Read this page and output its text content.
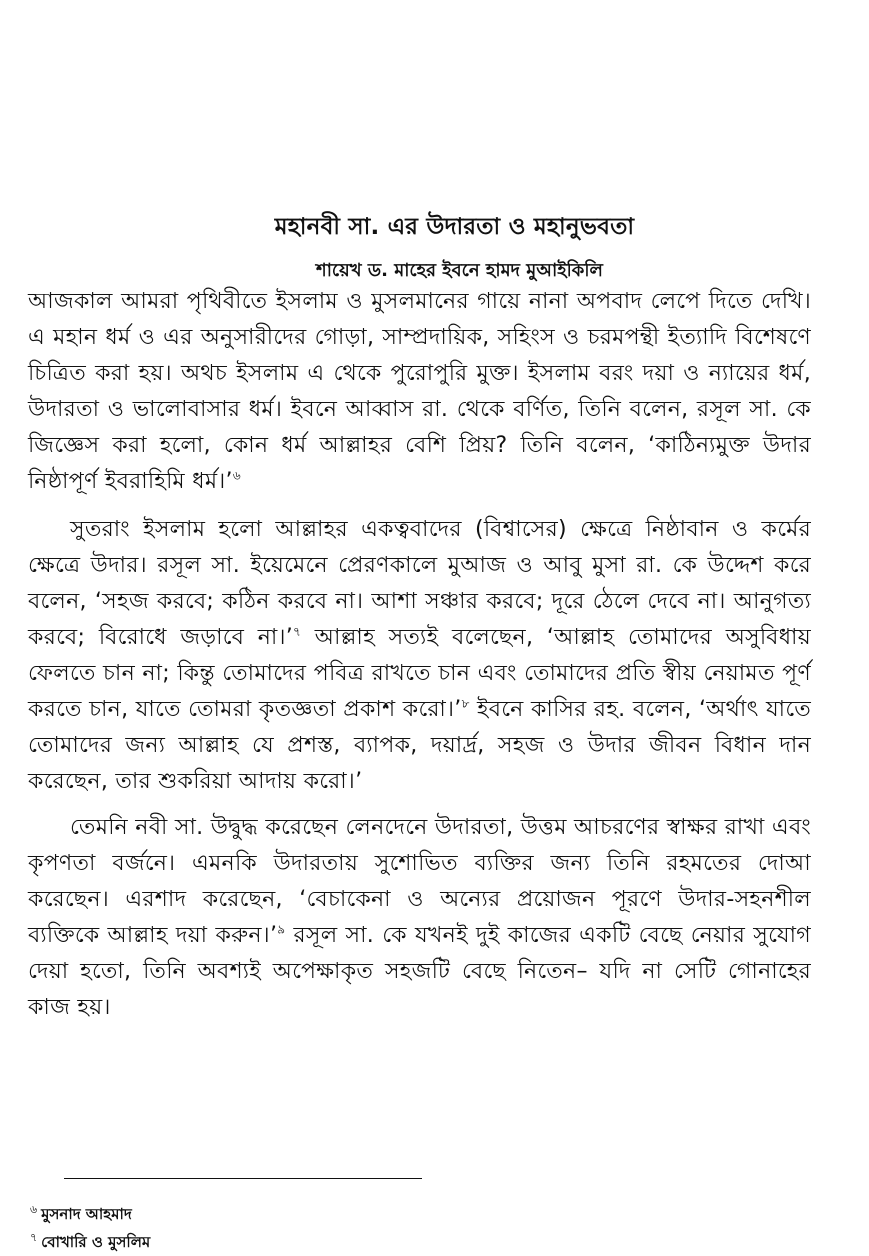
মহানবী সা. এর উদারতা ও মহানুভবতা
শায়েখ ড. মাহের ইবনে হামদ মুআইকিলি

আজকাল আমরা পৃথিবীতে ইসলাম ও মুসলমানের গায়ে নানা অপবাদ লেপে দিতে দেখি। এ মহান ধর্ম ও এর অনুসারীদের গোড়া, সাম্প্রদায়িক, সহিংস ও চরমপন্থী ইত্যাদি বিশেষণে চিত্রিত করা হয়। অথচ ইসলাম এ থেকে পুরোপুরি মুক্ত। ইসলাম বরং দয়া ও ন্যায়ের ধর্ম, উদারতা ও ভালোবাসার ধর্ম। ইবনে আব্বাস রা. থেকে বর্ণিত, তিনি বলেন, রসূল সা. কে জিজ্ঞেস করা হলো, কোন ধর্ম আল্লাহর বেশি প্রিয়? তিনি বলেন, ‘কাঠিন্যমুক্ত উদার নিষ্ঠাপূর্ণ ইবরাহিমি ধর্ম।’$^৬$

সুতরাং ইসলাম হলো আল্লাহর একত্ববাদের (বিশ্বাসের) ক্ষেত্রে নিষ্ঠাবান ও কর্মের ক্ষেত্রে উদার। রসূল সা. ইয়েমেনে প্রেরণকালে মুআজ ও আবু মুসা রা. কে উদ্দেশ করে বলেন, ‘সহজ করবে; কঠিন করবে না। আশা সঞ্চার করবে; দূরে ঠেলে দেবে না। আনুগত্য করবে; বিরোধে জড়াবে না।’$^৭$ আল্লাহ সত্যই বলেছেন, ‘আল্লাহ তোমাদের অসুবিধায় ফেলতে চান না; কিন্তু তোমাদের পবিত্র রাখতে চান এবং তোমাদের প্রতি স্বীয় নেয়ামত পূর্ণ করতে চান, যাতে তোমরা কৃতজ্ঞতা প্রকাশ করো।’$^৮$ ইবনে কাসির রহ. বলেন, ‘অর্থাৎ যাতে তোমাদের জন্য আল্লাহ যে প্রশস্ত, ব্যাপক, দয়ার্দ্র, সহজ ও উদার জীবন বিধান দান করেছেন, তার শুকরিয়া আদায় করো।’

তেমনি নবী সা. উদ্বুদ্ধ করেছেন লেনদেনে উদারতা, উত্তম আচরণের স্বাক্ষর রাখা এবং কৃপণতা বর্জনে। এমনকি উদারতায় সুশোভিত ব্যক্তির জন্য তিনি রহমতের দোআ করেছেন। এরশাদ করেছেন, ‘বেচাকেনা ও অন্যের প্রয়োজন পূরণে উদার-সহনশীল ব্যক্তিকে আল্লাহ দয়া করুন।’$^৯$ রসূল সা. কে যখনই দুই কাজের একটি বেছে নেয়ার সুযোগ দেয়া হতো, তিনি অবশ্যই অপেক্ষাকৃত সহজটি বেছে নিতেন– যদি না সেটি গোনাহের কাজ হয়।

$^৬$ মুসনাদ আহমাদ
$^৭$ বোখারি ও মুসলিম
